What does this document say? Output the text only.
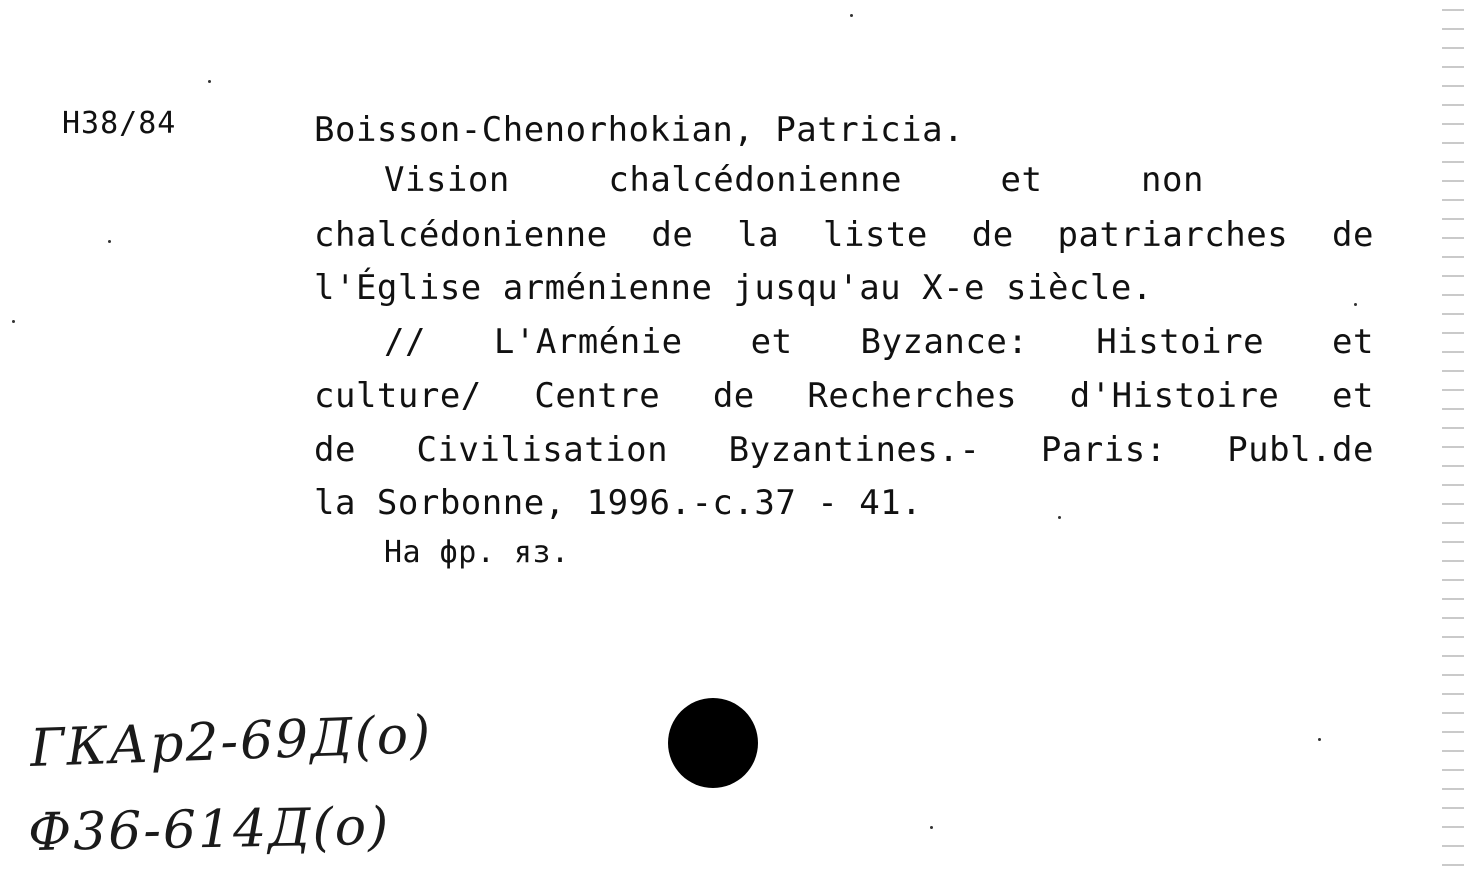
H38/84	Boisson-Chenorhokian, Patricia.
Vision	chalcédonienne	et	non
chalcédonienne de la liste de patriarches de
l'Église arménienne jusqu'au X-e siècle.
// L'Arménie et Byzance: Histoire et
culture/ Centre de Recherches d'Histoire et
de Civilisation Byzantines.- Paris: Publ.de
la Sorbonne, 1996.-c.37 - 41.
На фр. яз.
ГКАр2-69Д(о)
Ф36-614Д(о)
